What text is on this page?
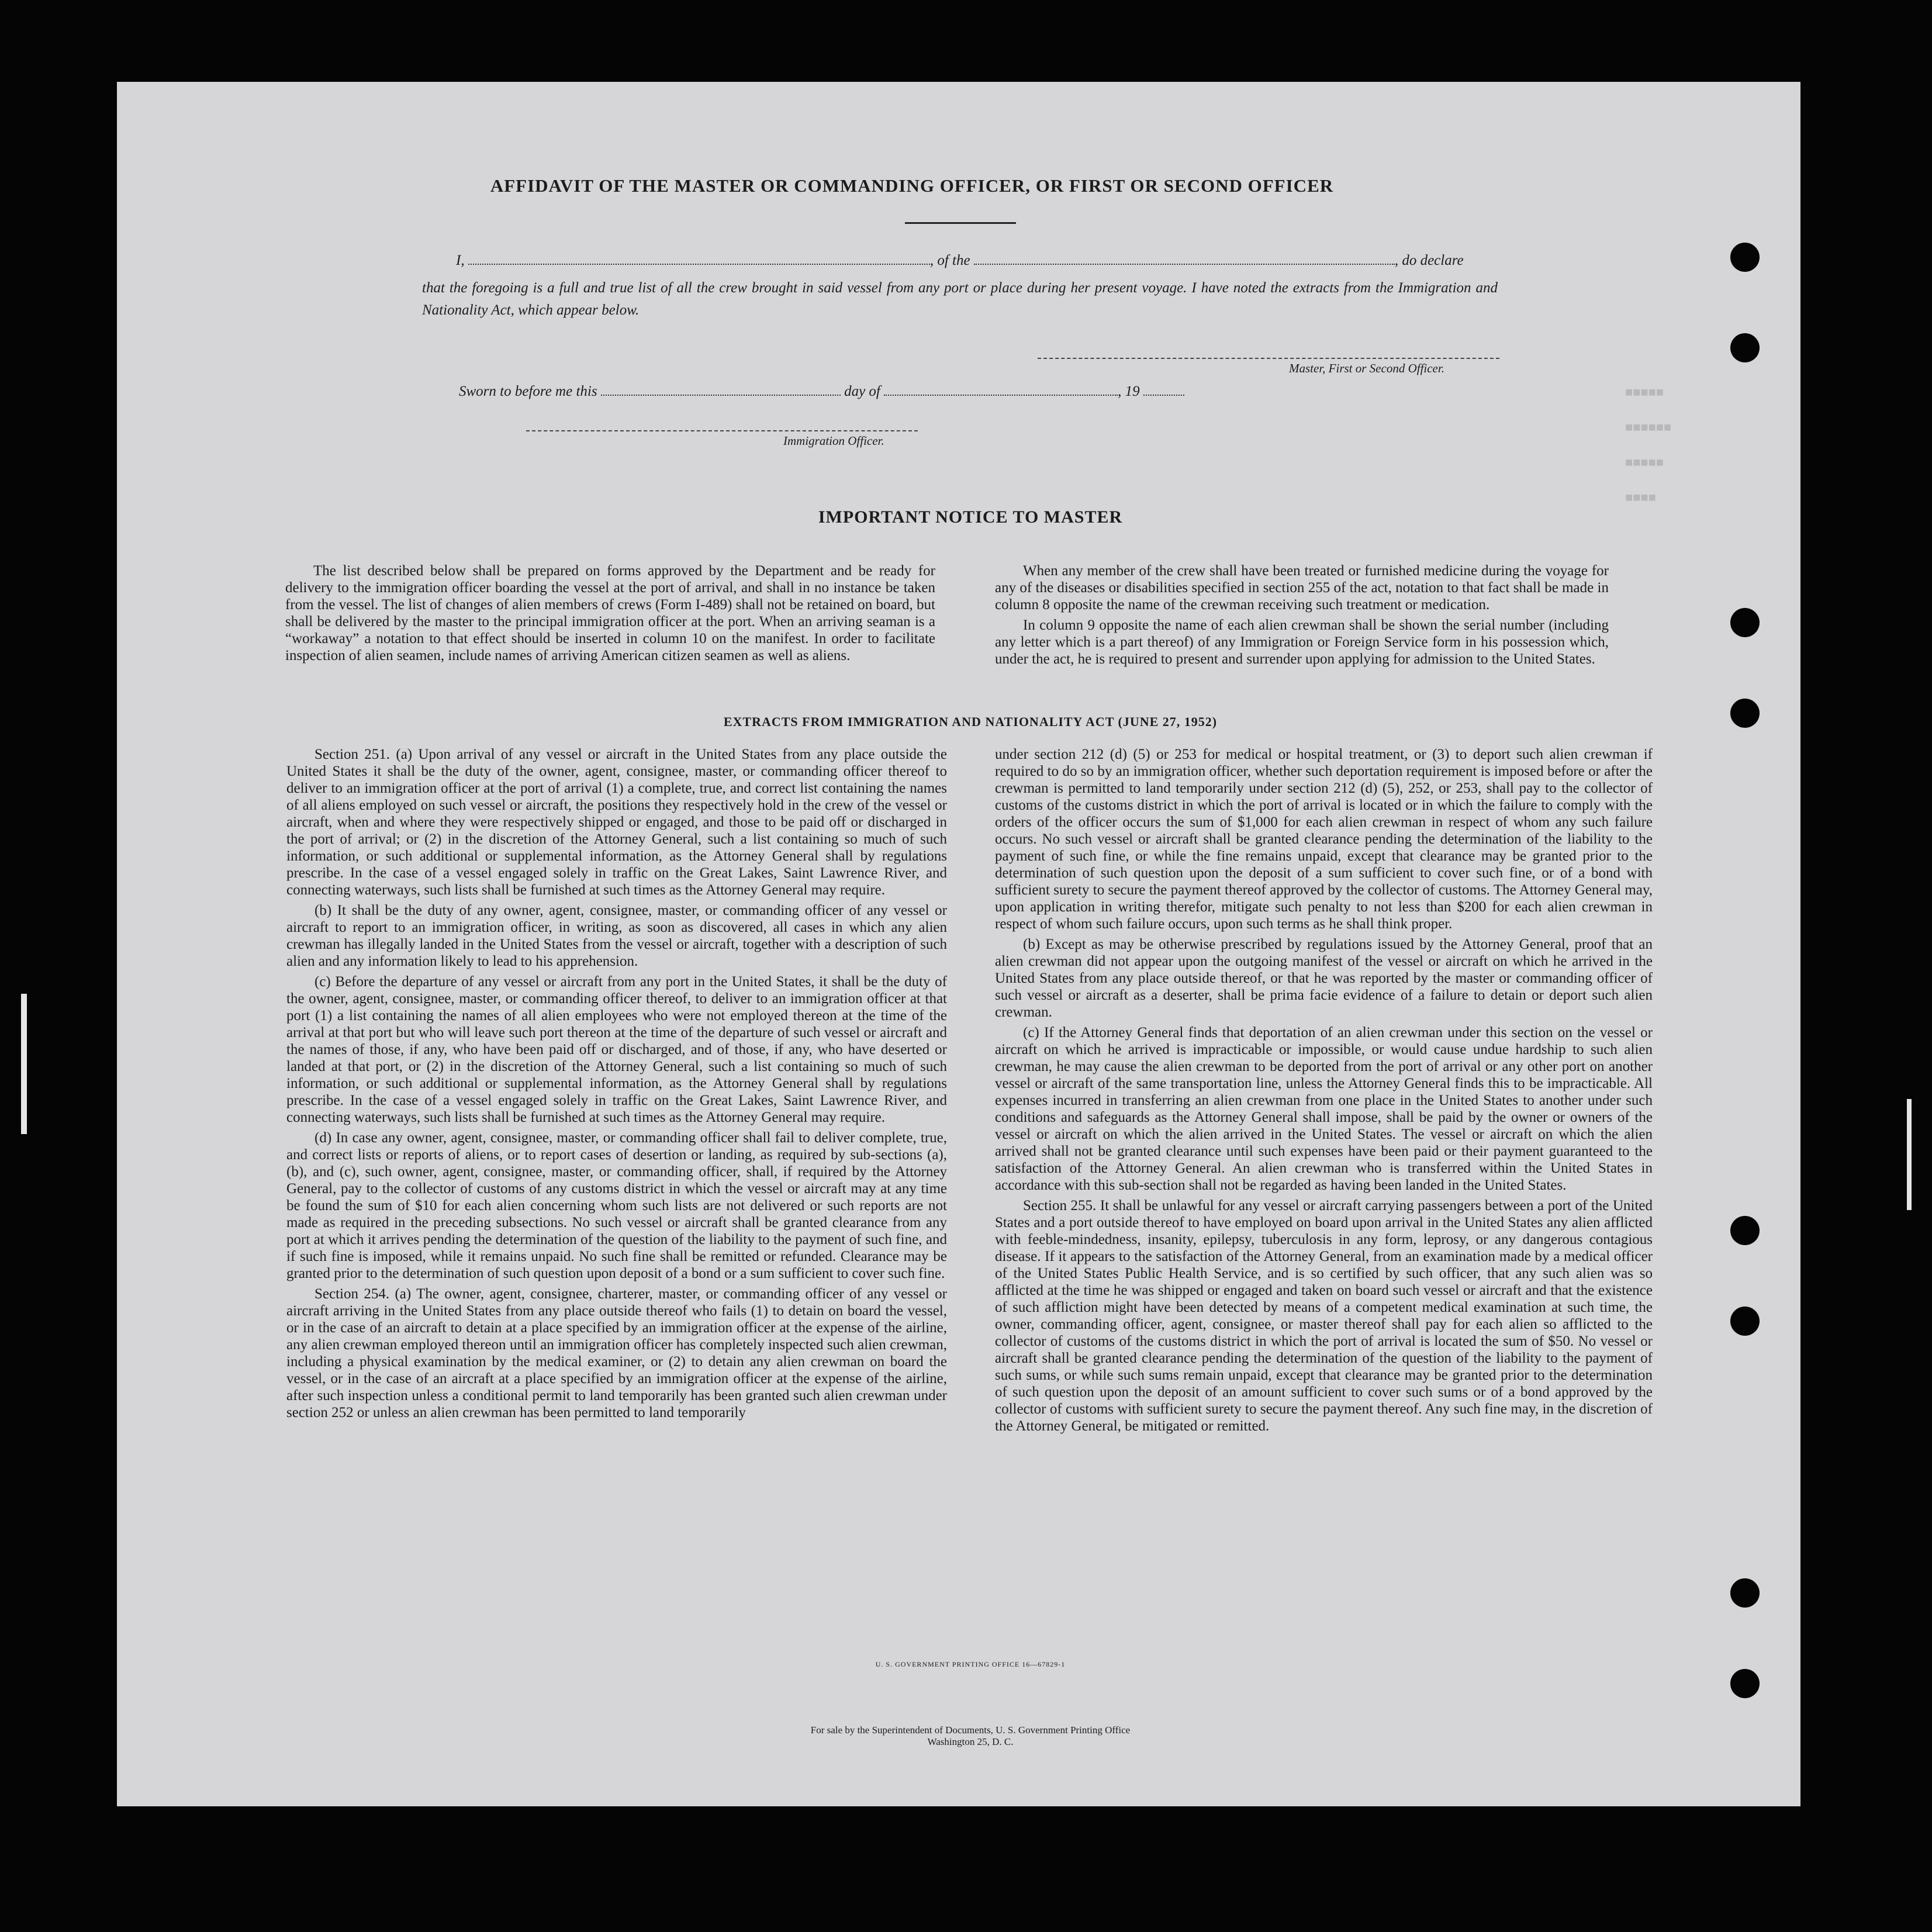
■■■■■
■■■■■■
■■■■■
■■■■
AFFIDAVIT OF THE MASTER OR COMMANDING OFFICER, OR FIRST OR SECOND OFFICER
I,	, of the	, do declare
that the foregoing is a full and true list of all the crew brought in said vessel from any port or place during her present voyage. I have noted the extracts from the Immigration and Nationality Act, which appear below.
Master, First or Second Officer.
Sworn to before me this	day of	, 19
Immigration Officer.
IMPORTANT NOTICE TO MASTER

The list described below shall be prepared on forms approved by the Department and be ready for delivery to the immigration officer boarding the vessel at the port of arrival, and shall in no instance be taken from the vessel. The list of changes of alien members of crews (Form I-489) shall not be retained on board, but shall be delivered by the master to the principal immigration officer at the port. When an arriving seaman is a “workaway” a notation to that effect should be inserted in column 10 on the manifest. In order to facilitate inspection of alien seamen, include names of arriving American citizen seamen as well as aliens.

When any member of the crew shall have been treated or furnished medicine during the voyage for any of the diseases or disabilities specified in section 255 of the act, notation to that fact shall be made in column 8 opposite the name of the crewman receiving such treatment or medication.

In column 9 opposite the name of each alien crewman shall be shown the serial number (including any letter which is a part thereof) of any Immigration or Foreign Service form in his possession which, under the act, he is required to present and surrender upon applying for admission to the United States.

EXTRACTS FROM IMMIGRATION AND NATIONALITY ACT (JUNE 27, 1952)

Section 251. (a) Upon arrival of any vessel or aircraft in the United States from any place outside the United States it shall be the duty of the owner, agent, consignee, master, or commanding officer thereof to deliver to an immigration officer at the port of arrival (1) a complete, true, and correct list containing the names of all aliens employed on such vessel or aircraft, the positions they respectively hold in the crew of the vessel or aircraft, when and where they were respectively shipped or engaged, and those to be paid off or discharged in the port of arrival; or (2) in the discretion of the Attorney General, such a list containing so much of such information, or such additional or supplemental information, as the Attorney General shall by regulations prescribe. In the case of a vessel engaged solely in traffic on the Great Lakes, Saint Lawrence River, and connecting waterways, such lists shall be furnished at such times as the Attorney General may require.

(b) It shall be the duty of any owner, agent, consignee, master, or commanding officer of any vessel or aircraft to report to an immigration officer, in writing, as soon as discovered, all cases in which any alien crewman has illegally landed in the United States from the vessel or aircraft, together with a description of such alien and any information likely to lead to his apprehension.

(c) Before the departure of any vessel or aircraft from any port in the United States, it shall be the duty of the owner, agent, consignee, master, or commanding officer thereof, to deliver to an immigration officer at that port (1) a list containing the names of all alien employees who were not employed thereon at the time of the arrival at that port but who will leave such port thereon at the time of the departure of such vessel or aircraft and the names of those, if any, who have been paid off or discharged, and of those, if any, who have deserted or landed at that port, or (2) in the discretion of the Attorney General, such a list containing so much of such information, or such additional or supplemental information, as the Attorney General shall by regulations prescribe. In the case of a vessel engaged solely in traffic on the Great Lakes, Saint Lawrence River, and connecting waterways, such lists shall be furnished at such times as the Attorney General may require.

(d) In case any owner, agent, consignee, master, or commanding officer shall fail to deliver complete, true, and correct lists or reports of aliens, or to report cases of desertion or landing, as required by sub-sections (a), (b), and (c), such owner, agent, consignee, master, or commanding officer, shall, if required by the Attorney General, pay to the collector of customs of any customs district in which the vessel or aircraft may at any time be found the sum of $10 for each alien concerning whom such lists are not delivered or such reports are not made as required in the preceding subsections. No such vessel or aircraft shall be granted clearance from any port at which it arrives pending the determination of the question of the liability to the payment of such fine, and if such fine is imposed, while it remains unpaid. No such fine shall be remitted or refunded. Clearance may be granted prior to the determination of such question upon deposit of a bond or a sum sufficient to cover such fine.

Section 254. (a) The owner, agent, consignee, charterer, master, or commanding officer of any vessel or aircraft arriving in the United States from any place outside thereof who fails (1) to detain on board the vessel, or in the case of an aircraft to detain at a place specified by an immigration officer at the expense of the airline, any alien crewman employed thereon until an immigration officer has completely inspected such alien crewman, including a physical examination by the medical examiner, or (2) to detain any alien crewman on board the vessel, or in the case of an aircraft at a place specified by an immigration officer at the expense of the airline, after such inspection unless a conditional permit to land temporarily has been granted such alien crewman under section 252 or unless an alien crewman has been permitted to land temporarily

under section 212 (d) (5) or 253 for medical or hospital treatment, or (3) to deport such alien crewman if required to do so by an immigration officer, whether such deportation requirement is imposed before or after the crewman is permitted to land temporarily under section 212 (d) (5), 252, or 253, shall pay to the collector of customs of the customs district in which the port of arrival is located or in which the failure to comply with the orders of the officer occurs the sum of $1,000 for each alien crewman in respect of whom any such failure occurs. No such vessel or aircraft shall be granted clearance pending the determination of the liability to the payment of such fine, or while the fine remains unpaid, except that clearance may be granted prior to the determination of such question upon the deposit of a sum sufficient to cover such fine, or of a bond with sufficient surety to secure the payment thereof approved by the collector of customs. The Attorney General may, upon application in writing therefor, mitigate such penalty to not less than $200 for each alien crewman in respect of whom such failure occurs, upon such terms as he shall think proper.

(b) Except as may be otherwise prescribed by regulations issued by the Attorney General, proof that an alien crewman did not appear upon the outgoing manifest of the vessel or aircraft on which he arrived in the United States from any place outside thereof, or that he was reported by the master or commanding officer of such vessel or aircraft as a deserter, shall be prima facie evidence of a failure to detain or deport such alien crewman.

(c) If the Attorney General finds that deportation of an alien crewman under this section on the vessel or aircraft on which he arrived is impracticable or impossible, or would cause undue hardship to such alien crewman, he may cause the alien crewman to be deported from the port of arrival or any other port on another vessel or aircraft of the same transportation line, unless the Attorney General finds this to be impracticable. All expenses incurred in transferring an alien crewman from one place in the United States to another under such conditions and safeguards as the Attorney General shall impose, shall be paid by the owner or owners of the vessel or aircraft on which the alien arrived in the United States. The vessel or aircraft on which the alien arrived shall not be granted clearance until such expenses have been paid or their payment guaranteed to the satisfaction of the Attorney General. An alien crewman who is transferred within the United States in accordance with this sub-section shall not be regarded as having been landed in the United States.

Section 255. It shall be unlawful for any vessel or aircraft carrying passengers between a port of the United States and a port outside thereof to have employed on board upon arrival in the United States any alien afflicted with feeble-mindedness, insanity, epilepsy, tuberculosis in any form, leprosy, or any dangerous contagious disease. If it appears to the satisfaction of the Attorney General, from an examination made by a medical officer of the United States Public Health Service, and is so certified by such officer, that any such alien was so afflicted at the time he was shipped or engaged and taken on board such vessel or aircraft and that the existence of such affliction might have been detected by means of a competent medical examination at such time, the owner, commanding officer, agent, consignee, or master thereof shall pay for each alien so afflicted to the collector of customs of the customs district in which the port of arrival is located the sum of $50. No vessel or aircraft shall be granted clearance pending the determination of the question of the liability to the payment of such sums, or while such sums remain unpaid, except that clearance may be granted prior to the determination of such question upon the deposit of an amount sufficient to cover such sums or of a bond approved by the collector of customs with sufficient surety to secure the payment thereof. Any such fine may, in the discretion of the Attorney General, be mitigated or remitted.

U. S. GOVERNMENT PRINTING OFFICE 16—67829-1
For sale by the Superintendent of Documents, U. S. Government Printing Office
Washington 25, D. C.
